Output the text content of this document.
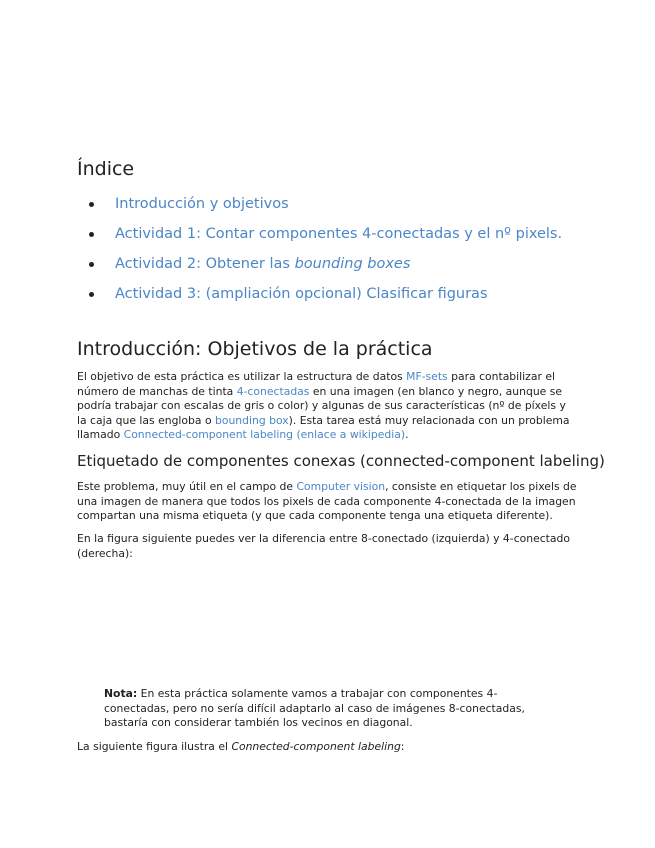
Índice
Introducción y objetivos
Actividad 1: Contar componentes 4-conectadas y el nº pixels.
Actividad 2: Obtener las bounding boxes
Actividad 3: (ampliación opcional) Clasificar figuras
Introducción: Objetivos de la práctica

El objetivo de esta práctica es utilizar la estructura de datos MF-sets para contabilizar el número de manchas de tinta 4-conectadas en una imagen (en blanco y negro, aunque se podría trabajar con escalas de gris o color) y algunas de sus características (nº de píxels y la caja que las engloba o bounding box). Esta tarea está muy relacionada con un problema llamado Connected-component labeling (enlace a wikipedia).

Etiquetado de componentes conexas (connected-component labeling)

Este problema, muy útil en el campo de Computer vision, consiste en etiquetar los pixels de una imagen de manera que todos los pixels de cada componente 4-conectada de la imagen compartan una misma etiqueta (y que cada componente tenga una etiqueta diferente).

En la figura siguiente puedes ver la diferencia entre 8-conectado (izquierda) y 4-conectado (derecha):

Nota: En esta práctica solamente vamos a trabajar con componentes 4-conectadas, pero no sería difícil adaptarlo al caso de imágenes 8-conectadas, bastaría con considerar también los vecinos en diagonal.

La siguiente figura ilustra el Connected-component labeling:
